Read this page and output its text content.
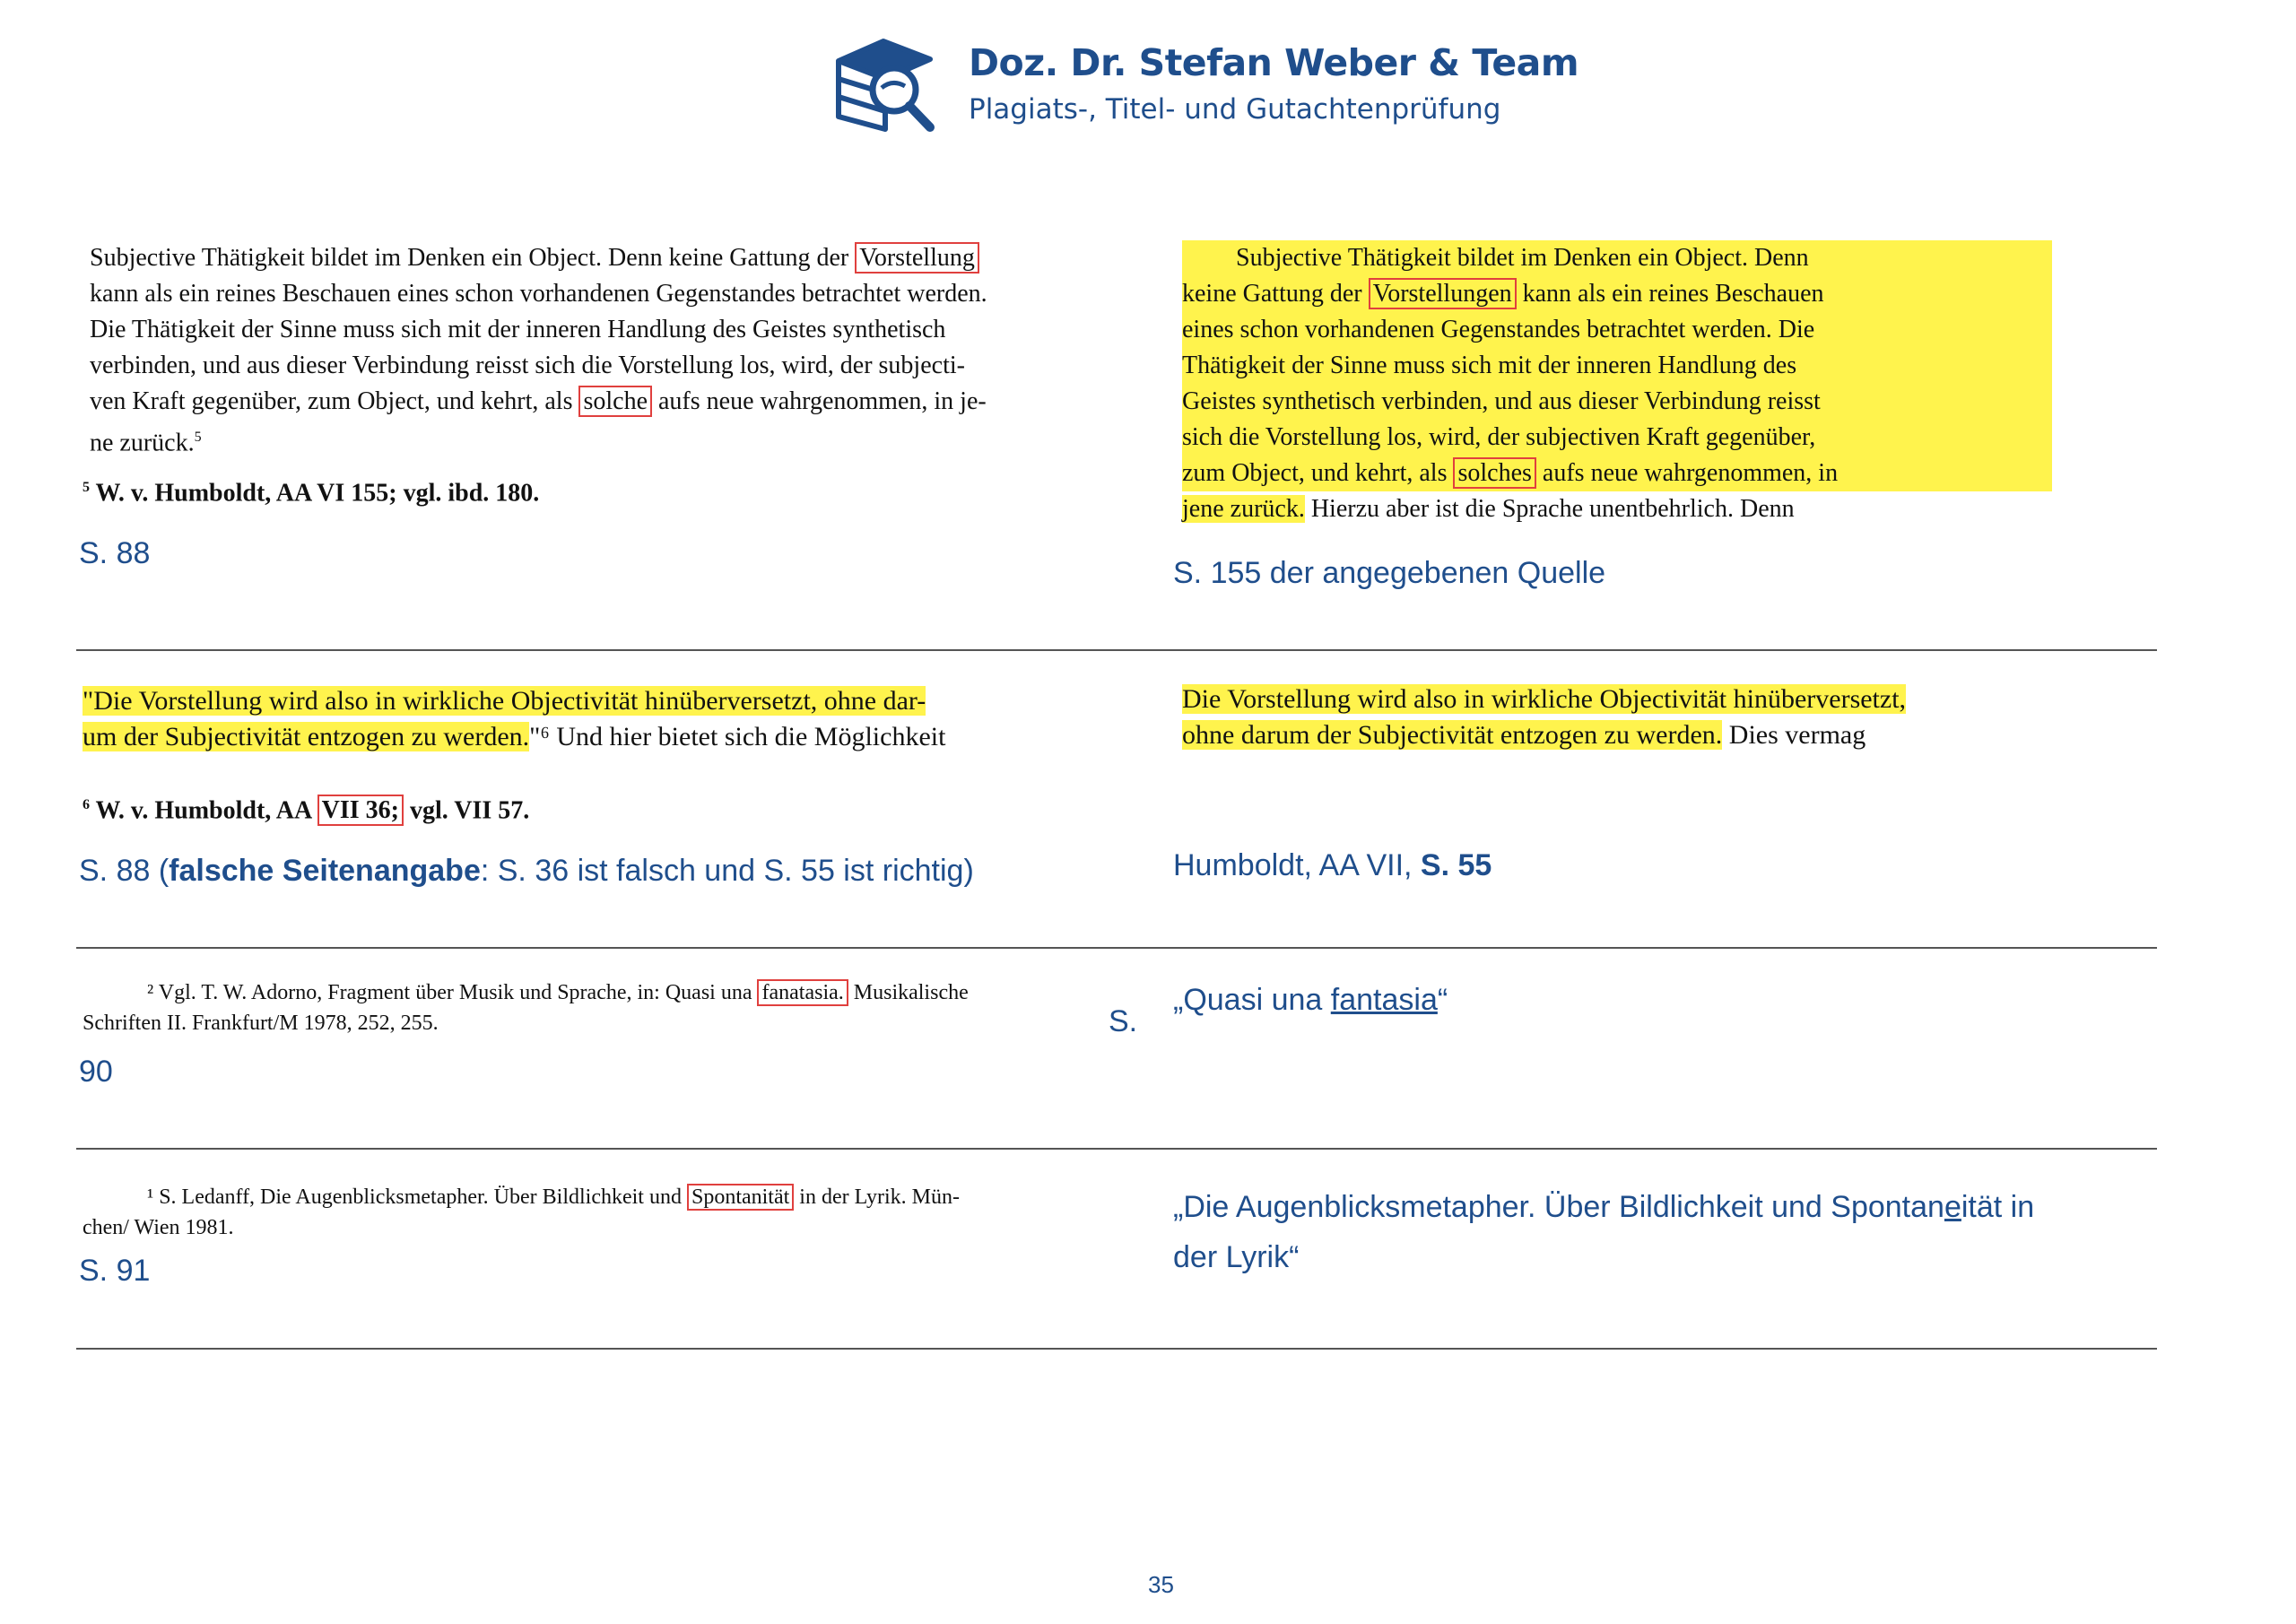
Doz. Dr. Stefan Weber & Team
Plagiats-, Titel- und Gutachtenprüfung
Subjective Thätigkeit bildet im Denken ein Object. Denn keine Gattung der Vorstellung
kann als ein reines Beschauen eines schon vorhandenen Gegenstandes betrachtet werden.
Die Thätigkeit der Sinne muss sich mit der inneren Handlung des Geistes synthetisch
verbinden, und aus dieser Verbindung reisst sich die Vorstellung los, wird, der subjecti-
ven Kraft gegenüber, zum Object, und kehrt, als solche aufs neue wahrgenommen, in je-
ne zurück.$^5$
$^5$ W. v. Humboldt, AA VI 155; vgl. ibd. 180.
S. 88
Subjective Thätigkeit bildet im Denken ein Object. Denn
keine Gattung der Vorstellungen kann als ein reines Beschauen
eines schon vorhandenen Gegenstandes betrachtet werden. Die
Thätigkeit der Sinne muss sich mit der inneren Handlung des
Geistes synthetisch verbinden, und aus dieser Verbindung reisst
sich die Vorstellung los, wird, der subjectiven Kraft gegenüber,
zum Object, und kehrt, als solches aufs neue wahrgenommen, in
jene zurück. Hierzu aber ist die Sprache unentbehrlich. Denn
S. 155 der angegebenen Quelle
"Die Vorstellung wird also in wirkliche Objectivität hinüberversetzt, ohne dar-
um der Subjectivität entzogen zu werden."⁶ Und hier bietet sich die Möglichkeit
$^6$ W. v. Humboldt, AA VII 36; vgl. VII 57.
S. 88 (falsche Seitenangabe: S. 36 ist falsch und S. 55 ist richtig)
Die Vorstellung wird also in wirkliche Objectivität hinüberversetzt,
ohne darum der Subjectivität entzogen zu werden. Dies vermag
Humboldt, AA VII, S. 55
² Vgl. T. W. Adorno, Fragment über Musik und Sprache, in: Quasi una fanatasia. Musikalische
Schriften II. Frankfurt/M 1978, 252, 255.	S.
90
„Quasi una fantasia“
¹ S. Ledanff, Die Augenblicksmetapher. Über Bildlichkeit und Spontanität in der Lyrik. Mün-
chen/ Wien 1981.
S. 91
„Die Augenblicksmetapher. Über Bildlichkeit und Spontaneität in
der Lyrik“
35
